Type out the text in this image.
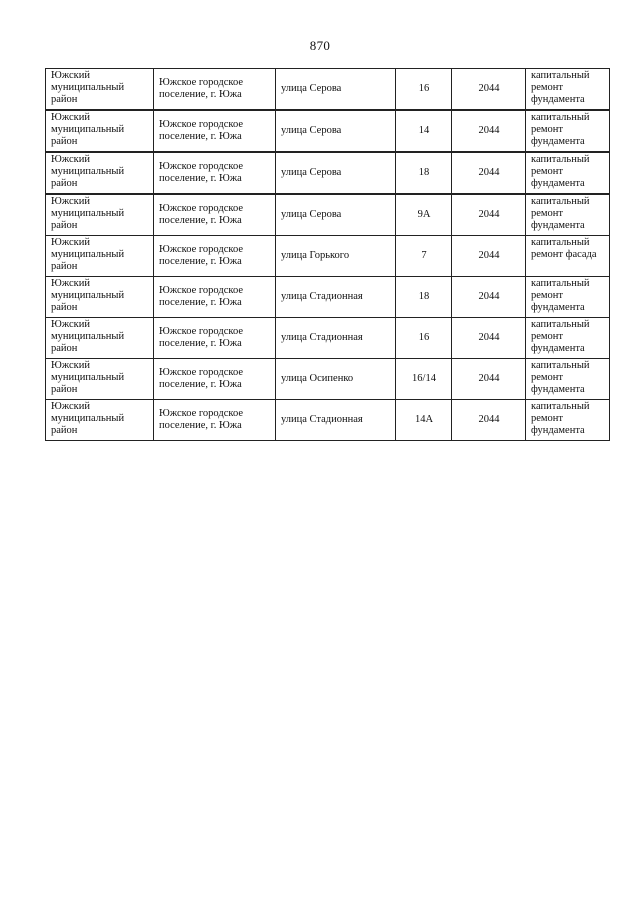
870
Южский муниципальный район	Южское городское поселение, г. Южа	улица Серова	16	2044	капитальный ремонт фундамента
Южский муниципальный район	Южское городское поселение, г. Южа	улица Серова	14	2044	капитальный ремонт фундамента
Южский муниципальный район	Южское городское поселение, г. Южа	улица Серова	18	2044	капитальный ремонт фундамента
Южский муниципальный район	Южское городское поселение, г. Южа	улица Серова	9А	2044	капитальный ремонт фундамента
Южский муниципальный район	Южское городское поселение, г. Южа	улица Горького	7	2044	капитальный ремонт фасада
Южский муниципальный район	Южское городское поселение, г. Южа	улица Стадионная	18	2044	капитальный ремонт фундамента
Южский муниципальный район	Южское городское поселение, г. Южа	улица Стадионная	16	2044	капитальный ремонт фундамента
Южский муниципальный район	Южское городское поселение, г. Южа	улица Осипенко	16/14	2044	капитальный ремонт фундамента
Южский муниципальный район	Южское городское поселение, г. Южа	улица Стадионная	14А	2044	капитальный ремонт фундамента
